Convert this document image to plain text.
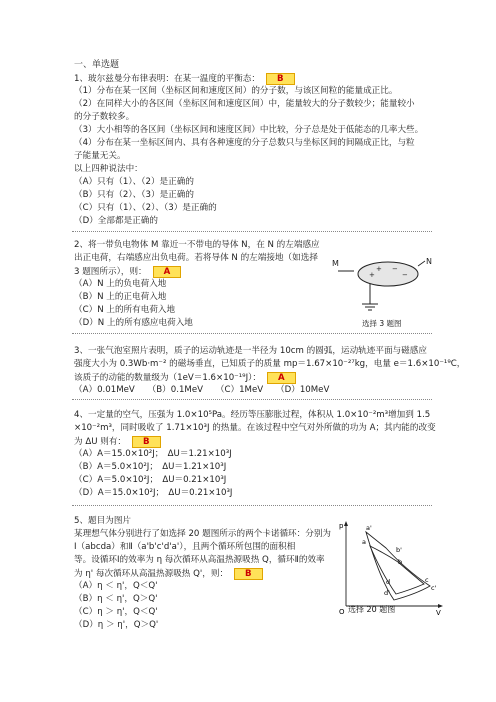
一、单选题
1、玻尔兹曼分布律表明：在某一温度的平衡态： B
（1）分布在某一区间（坐标区间和速度区间）的分子数，与该区间粒的能量成正比。
（2）在同样大小的各区间（坐标区间和速度区间）中，能量较大的分子数较少；能量较小
的分子数较多。
（3）大小相等的各区间（坐标区间和速度区间）中比较，分子总是处于低能态的几率大些。
（4）分布在某一坐标区间内、具有各种速度的分子总数只与坐标区间的间隔成正比，与粒
子能量无关。
以上四种说法中：
（A）只有（1）、（2）是正确的
（B）只有（2）、（3）是正确的
（C）只有（1）、（2）、（3）是正确的
（D）全部都是正确的
2、将一带负电物体 M 靠近一不带电的导体 N，在 N 的左端感应
出正电荷，右端感应出负电荷。若将导体 N 的左端接地（如选择
3 题图所示），则： A
（A）N 上的负电荷入地
（B）N 上的正电荷入地
（C）N 上的所有电荷入地
（D）N 上的所有感应电荷入地
M
+
+ −
−
N
选择 3 题图
3、一张气泡室照片表明，质子的运动轨迹是一半径为 10cm 的圆弧，运动轨迹平面与磁感应
强度大小为 0.3Wb·m⁻² 的磁场垂直，已知质子的质量 mp＝1.67×10⁻²⁷kg，电量 e＝1.6×10⁻¹⁹C，
该质子的动能的数量级为（1eV＝1.6×10⁻¹⁹J）： A
（A）0.01MeV　　（B）0.1MeV　　（C）1MeV　　（D）10MeV
4、一定量的空气，压强为 1.0×10⁵Pa。经历等压膨胀过程，体积从 1.0×10⁻²m³增加到 1.5
×10⁻²m³，同时吸收了 1.71×10³J 的热量。在该过程中空气对外所做的功为 A；其内能的改变
为 ΔU 则有： B
（A）A＝15.0×10²J；　ΔU＝1.21×10³J
（B）A＝5.0×10²J；　ΔU＝1.21×10³J
（C）A＝5.0×10²J；　ΔU＝0.21×10³J
（D）A＝15.0×10²J；　ΔU＝0.21×10³J
5、题目为图片
某理想气体分别进行了如选择 20 题图所示的两个卡诺循环：分别为
Ⅰ（abcda）和Ⅱ（a'b'c'd'a'），且两个循环所包围的面积相
等。设循环Ⅰ的效率为 η 每次循环从高温热源吸热 Q，循环Ⅱ的效率
为 η' 每次循环从高温热源吸热 Q'，则： B
（A）η ＜ η'，Q＜Q'
（B）η ＜ η'，Q＞Q'
（C）η ＞ η'，Q＜Q'
（D）η ＞ η'，Q＞Q'
p
V
O
a'
a
b'
b
d
d'
c
c'
选择 20 题图
